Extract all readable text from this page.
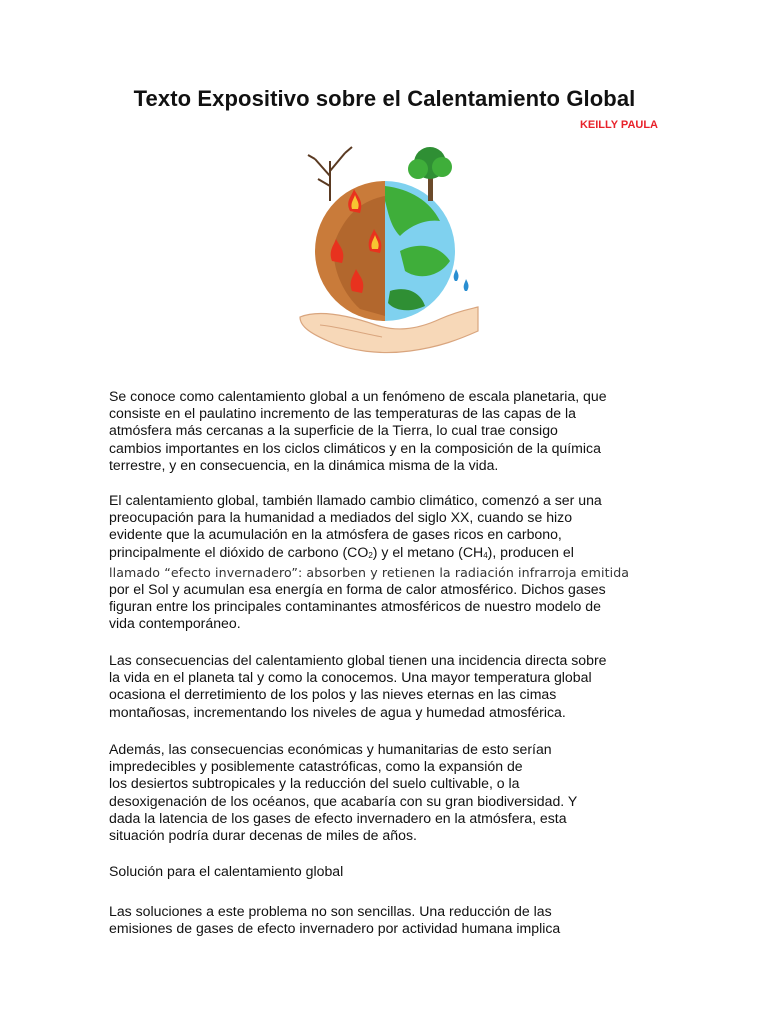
Texto Expositivo sobre el Calentamiento Global
KEILLY PAULA
Se conoce como calentamiento global a un fenómeno de escala planetaria, que
consiste en el paulatino incremento de las temperaturas de las capas de la
atmósfera más cercanas a la superficie de la Tierra, lo cual trae consigo
cambios importantes en los ciclos climáticos y en la composición de la química
terrestre, y en consecuencia, en la dinámica misma de la vida.
El calentamiento global, también llamado cambio climático, comenzó a ser una
preocupación para la humanidad a mediados del siglo XX, cuando se hizo
evidente que la acumulación en la atmósfera de gases ricos en carbono,
principalmente el dióxido de carbono $(CO_2)$ y el metano $(CH_4)$, producen el
llamado “efecto invernadero”: absorben y retienen la radiación infrarroja emitida
por el Sol y acumulan esa energía en forma de calor atmosférico. Dichos gases
figuran entre los principales contaminantes atmosféricos de nuestro modelo de
vida contemporáneo.
Las consecuencias del calentamiento global tienen una incidencia directa sobre
la vida en el planeta tal y como la conocemos. Una mayor temperatura global
ocasiona el derretimiento de los polos y las nieves eternas en las cimas
montañosas, incrementando los niveles de agua y humedad atmosférica.
Además, las consecuencias económicas y humanitarias de esto serían
impredecibles y posiblemente catastróficas, como la expansión de
los desiertos subtropicales y la reducción del suelo cultivable, o la
desoxigenación de los océanos, que acabaría con su gran biodiversidad. Y
dada la latencia de los gases de efecto invernadero en la atmósfera, esta
situación podría durar decenas de miles de años.
Solución para el calentamiento global
Las soluciones a este problema no son sencillas. Una reducción de las
emisiones de gases de efecto invernadero por actividad humana implica
